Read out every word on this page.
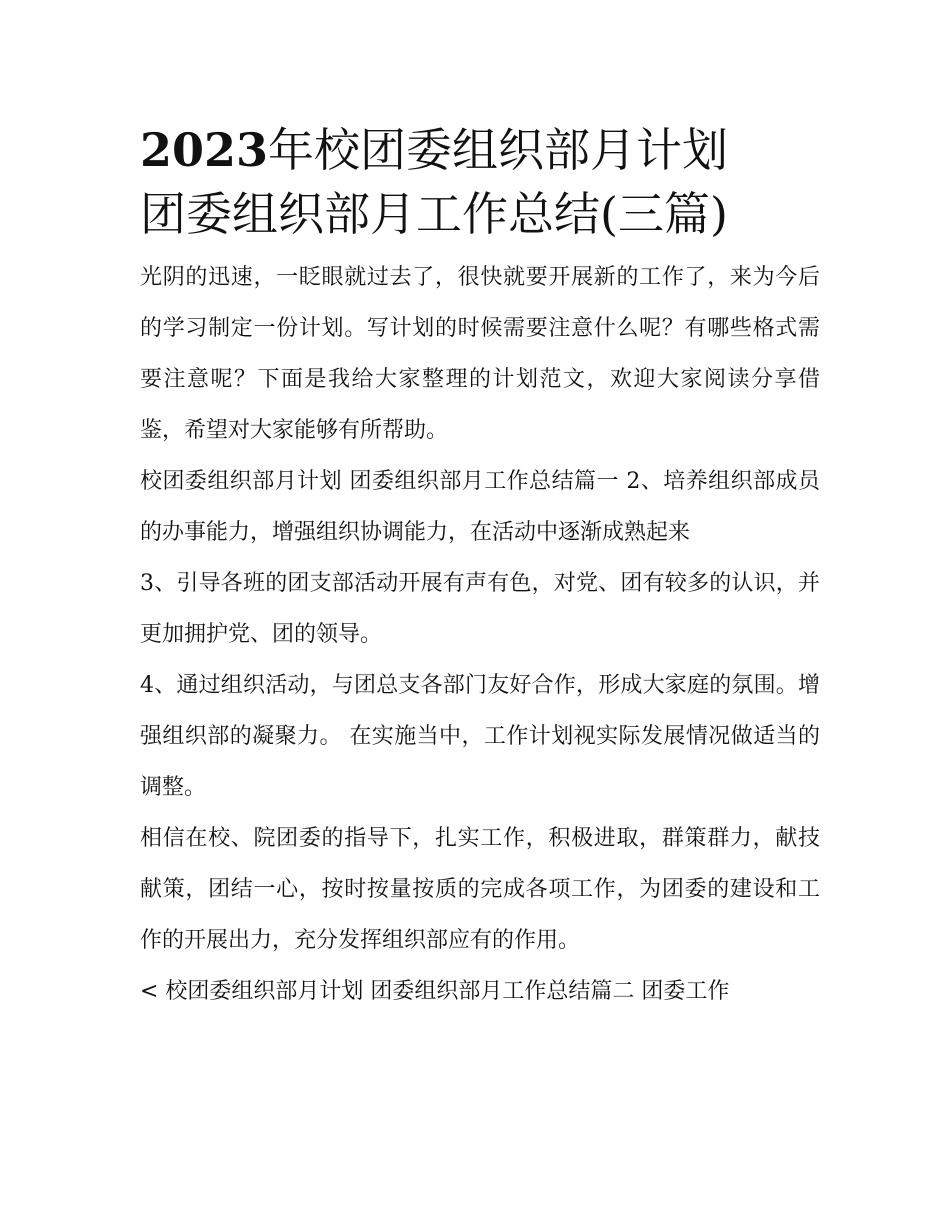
2023年校团委组织部月计划
团委组织部月工作总结(三篇)

光阴的迅速，一眨眼就过去了，很快就要开展新的工作了，来为今后的学习制定一份计划。写计划的时候需要注意什么呢？有哪些格式需要注意呢？下面是我给大家整理的计划范文，欢迎大家阅读分享借鉴，希望对大家能够有所帮助。

校团委组织部月计划 团委组织部月工作总结篇一 2、培养组织部成员的办事能力，增强组织协调能力，在活动中逐渐成熟起来

3、引导各班的团支部活动开展有声有色，对党、团有较多的认识，并更加拥护党、团的领导。

4、通过组织活动，与团总支各部门友好合作，形成大家庭的氛围。增强组织部的凝聚力。 在实施当中，工作计划视实际发展情况做适当的调整。

相信在校、院团委的指导下，扎实工作，积极进取，群策群力，献技献策，团结一心，按时按量按质的完成各项工作，为团委的建设和工作的开展出力，充分发挥组织部应有的作用。

< 校团委组织部月计划 团委组织部月工作总结篇二 团委工作
